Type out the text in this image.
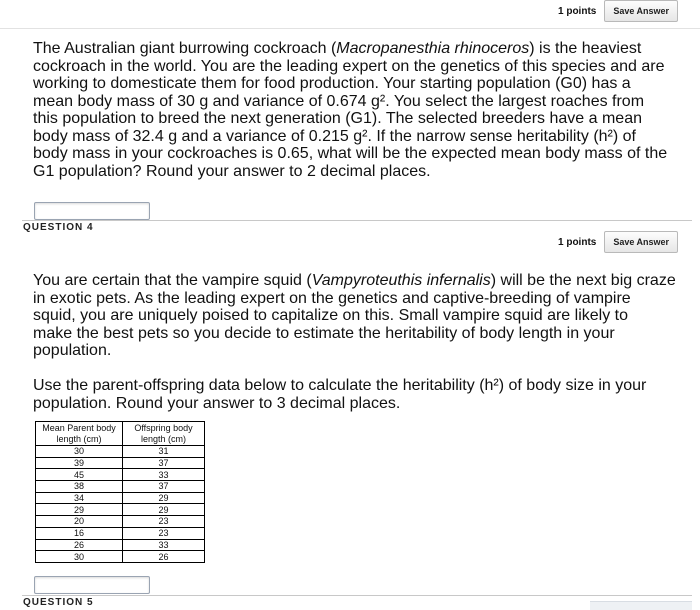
1 points	Save Answer
The Australian giant burrowing cockroach (Macropanesthia rhinoceros) is the heaviest
cockroach in the world. You are the leading expert on the genetics of this species and are
working to domesticate them for food production. Your starting population (G0) has a
mean body mass of 30 g and variance of 0.674 g². You select the largest roaches from
this population to breed the next generation (G1). The selected breeders have a mean
body mass of 32.4 g and a variance of 0.215 g². If the narrow sense heritability (h²) of
body mass in your cockroaches is 0.65, what will be the expected mean body mass of the
G1 population? Round your answer to 2 decimal places.
QUESTION 4
1 points	Save Answer
You are certain that the vampire squid (Vampyroteuthis infernalis) will be the next big craze
in exotic pets. As the leading expert on the genetics and captive-breeding of vampire
squid, you are uniquely poised to capitalize on this. Small vampire squid are likely to
make the best pets so you decide to estimate the heritability of body length in your
population.
Use the parent-offspring data below to calculate the heritability (h²) of body size in your
population. Round your answer to 3 decimal places.
Mean Parent body length (cm)	Offspring body length (cm)
30	31
39	37
45	33
38	37
34	29
29	29
20	23
16	23
26	33
30	26
QUESTION 5
